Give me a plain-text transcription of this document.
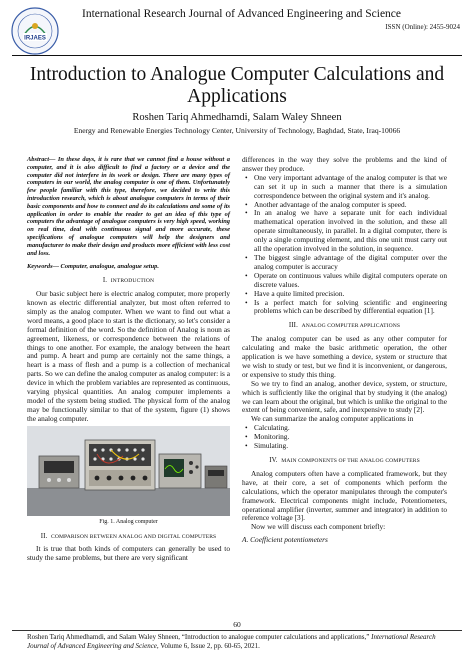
IRJAES
International Research Journal of Advanced Engineering and Science
ISSN (Online): 2455-9024
Introduction to Analogue Computer Calculations and Applications
Roshen Tariq Ahmedhamdi, Salam Waley Shneen
Energy and Renewable Energies Technology Center, University of Technology, Baghdad, State, Iraq-10066
Abstract— In these days, it is rare that we cannot find a house without a computer, and it is also difficult to find a factory or a device and the computer did not interfere in its work or design. There are many types of computers in our world, the analog computer is one of them. Unfortunately few people familiar with this type, therefore, we decided to write this introduction research, which is about analogue computers in terms of their basic components and how to connect and do its calculations and some of its application in order to enable the reader to get an idea of this type of computers the advantage of analogue computers is very high speed, working on real time, deal with continuous signal and more accurate, these specifications of analogue computers will help the designers and manufacturer to make their design and products more efficient with less cost and loss.
Keywords— Computer, analogue, analogue setup.
I. INTRODUCTION
Our basic subject here is electric analog computer, more properly known as electric differential analyzer, but most often referred to simply as the analog computer. When we want to find out what a word means, a good place to start is the dictionary, so let's consider a formal definition of the word. So the definition of Analog is noun as agreement, likeness, or correspondence between the relations of things to one another. For example, the analogy between the heart and pump. A heart and pump are certainly not the same things, a heart is a mass of flesh and a pump is a collection of mechanical parts. So we can define the analog computer as analog computer: is a device in which the problem variables are represented as continuous, varying physical quantities. An analog computer implements a model of the system being studied. The physical form of the analog may be functionally similar to that of the system, figure (1) shows the analog computer.
Fig. 1. Analog computer
II. COMPARISON BETWEEN ANALOG AND DIGITAL COMPUTERS
It is true that both kinds of computers can generally be used to study the same problems, but there are very significant
differences in the way they solve the problems and the kind of answer they produce.
• One very important advantage of the analog computer is that we can set it up in such a manner that there is a simulation correspondence between the original system and it's analog.
• Another advantage of the analog computer is speed.
• In an analog we have a separate unit for each individual mathematical operation involved in the solution, and these all operate simultaneously, in parallel. In a digital computer, there is only a single computing element, and this one unit must carry out all the operation involved in the solution, in sequence.
• The biggest single advantage of the digital computer over the analog computer is accuracy
• Operate on continuous values while digital computers operate on discrete values.
• Have a quite limited precision.
• Is a perfect match for solving scientific and engineering problems which can be described by differential equation [1].
III. ANALOG COMPUTER APPLICATIONS
The analog computer can be used as any other computer for calculating and make the basic arithmetic operation, the other application is we have something a device, system or structure that we wish to study or test, but we find it is inconvenient, or dangerous, or expensive to study this thing.
So we try to find an analog, another device, system, or structure, which is sufficiently like the original that by studying it (the analog) we can learn about the original, but which is unlike the original to the extent of being convenient, safe, and inexpensive to study [2].
We can summarize the analog computer applications in
• Calculating.
• Monitoring.
• Simulating.
IV. MAIN COMPONENTS OF THE ANALOG COMPUTERS
Analog computers often have a complicated framework, but they have, at their core, a set of components which perform the calculations, which the operator manipulates through the computer's framework. Electrical components might include, Potentiometers, operational amplifier (inverter, summer and integrator) in addition to reference voltage [3].
Now we will discuss each component briefly:
A. Coefficient potentiometers
60
Roshen Tariq Ahmedhamdi, and Salam Waley Shneen, “Introduction to analogue computer calculations and applications,” International Research Journal of Advanced Engineering and Science, Volume 6, Issue 2, pp. 60-65, 2021.
